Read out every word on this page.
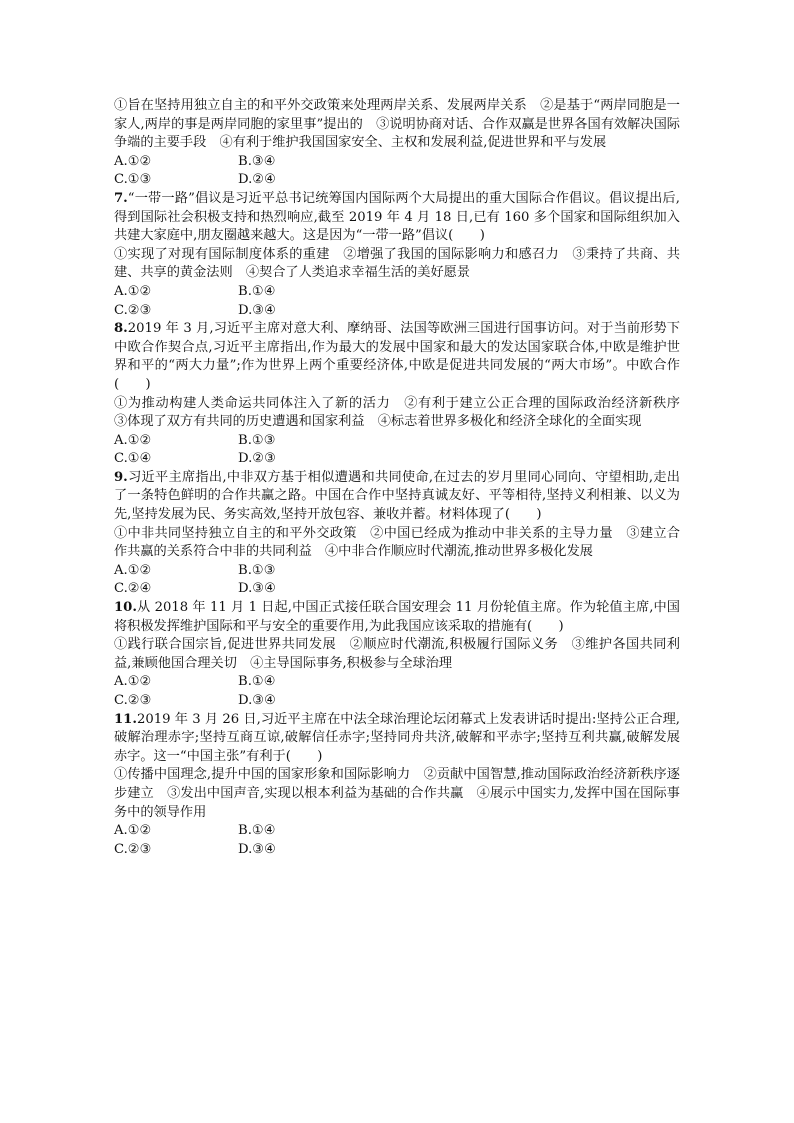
①旨在坚持用独立自主的和平外交政策来处理两岸关系、发展两岸关系　②是基于“两岸同胞是一家人,两岸的事是两岸同胞的家里事”提出的　③说明协商对话、合作双赢是世界各国有效解决国际争端的主要手段　④有利于维护我国国家安全、主权和发展利益,促进世界和平与发展

A.①②	B.③④
C.①③	D.②④

7.“一带一路”倡议是习近平总书记统筹国内国际两个大局提出的重大国际合作倡议。倡议提出后,得到国际社会积极支持和热烈响应,截至 2019 年 4 月 18 日,已有 160 多个国家和国际组织加入共建大家庭中,朋友圈越来越大。这是因为“一带一路”倡议(　　)

①实现了对现有国际制度体系的重建　②增强了我国的国际影响力和感召力　③秉持了共商、共建、共享的黄金法则　④契合了人类追求幸福生活的美好愿景

A.①②	B.①④
C.②③	D.③④

8.2019 年 3 月,习近平主席对意大利、摩纳哥、法国等欧洲三国进行国事访问。对于当前形势下中欧合作契合点,习近平主席指出,作为最大的发展中国家和最大的发达国家联合体,中欧是维护世界和平的“两大力量”;作为世界上两个重要经济体,中欧是促进共同发展的“两大市场”。中欧合作(　　)

①为推动构建人类命运共同体注入了新的活力　②有利于建立公正合理的国际政治经济新秩序　③体现了双方有共同的历史遭遇和国家利益　④标志着世界多极化和经济全球化的全面实现

A.①②	B.①③
C.①④	D.②③

9.习近平主席指出,中非双方基于相似遭遇和共同使命,在过去的岁月里同心同向、守望相助,走出了一条特色鲜明的合作共赢之路。中国在合作中坚持真诚友好、平等相待,坚持义利相兼、以义为先,坚持发展为民、务实高效,坚持开放包容、兼收并蓄。材料体现了(　　)

①中非共同坚持独立自主的和平外交政策　②中国已经成为推动中非关系的主导力量　③建立合作共赢的关系符合中非的共同利益　④中非合作顺应时代潮流,推动世界多极化发展

A.①②	B.①③
C.②④	D.③④

10.从 2018 年 11 月 1 日起,中国正式接任联合国安理会 11 月份轮值主席。作为轮值主席,中国将积极发挥维护国际和平与安全的重要作用,为此我国应该采取的措施有(　　)

①践行联合国宗旨,促进世界共同发展　②顺应时代潮流,积极履行国际义务　③维护各国共同利益,兼顾他国合理关切　④主导国际事务,积极参与全球治理

A.①②	B.①④
C.②③	D.③④

11.2019 年 3 月 26 日,习近平主席在中法全球治理论坛闭幕式上发表讲话时提出:坚持公正合理,破解治理赤字;坚持互商互谅,破解信任赤字;坚持同舟共济,破解和平赤字;坚持互利共赢,破解发展赤字。这一“中国主张”有利于(　　)

①传播中国理念,提升中国的国家形象和国际影响力　②贡献中国智慧,推动国际政治经济新秩序逐步建立　③发出中国声音,实现以根本利益为基础的合作共赢　④展示中国实力,发挥中国在国际事务中的领导作用

A.①②	B.①④
C.②③	D.③④
